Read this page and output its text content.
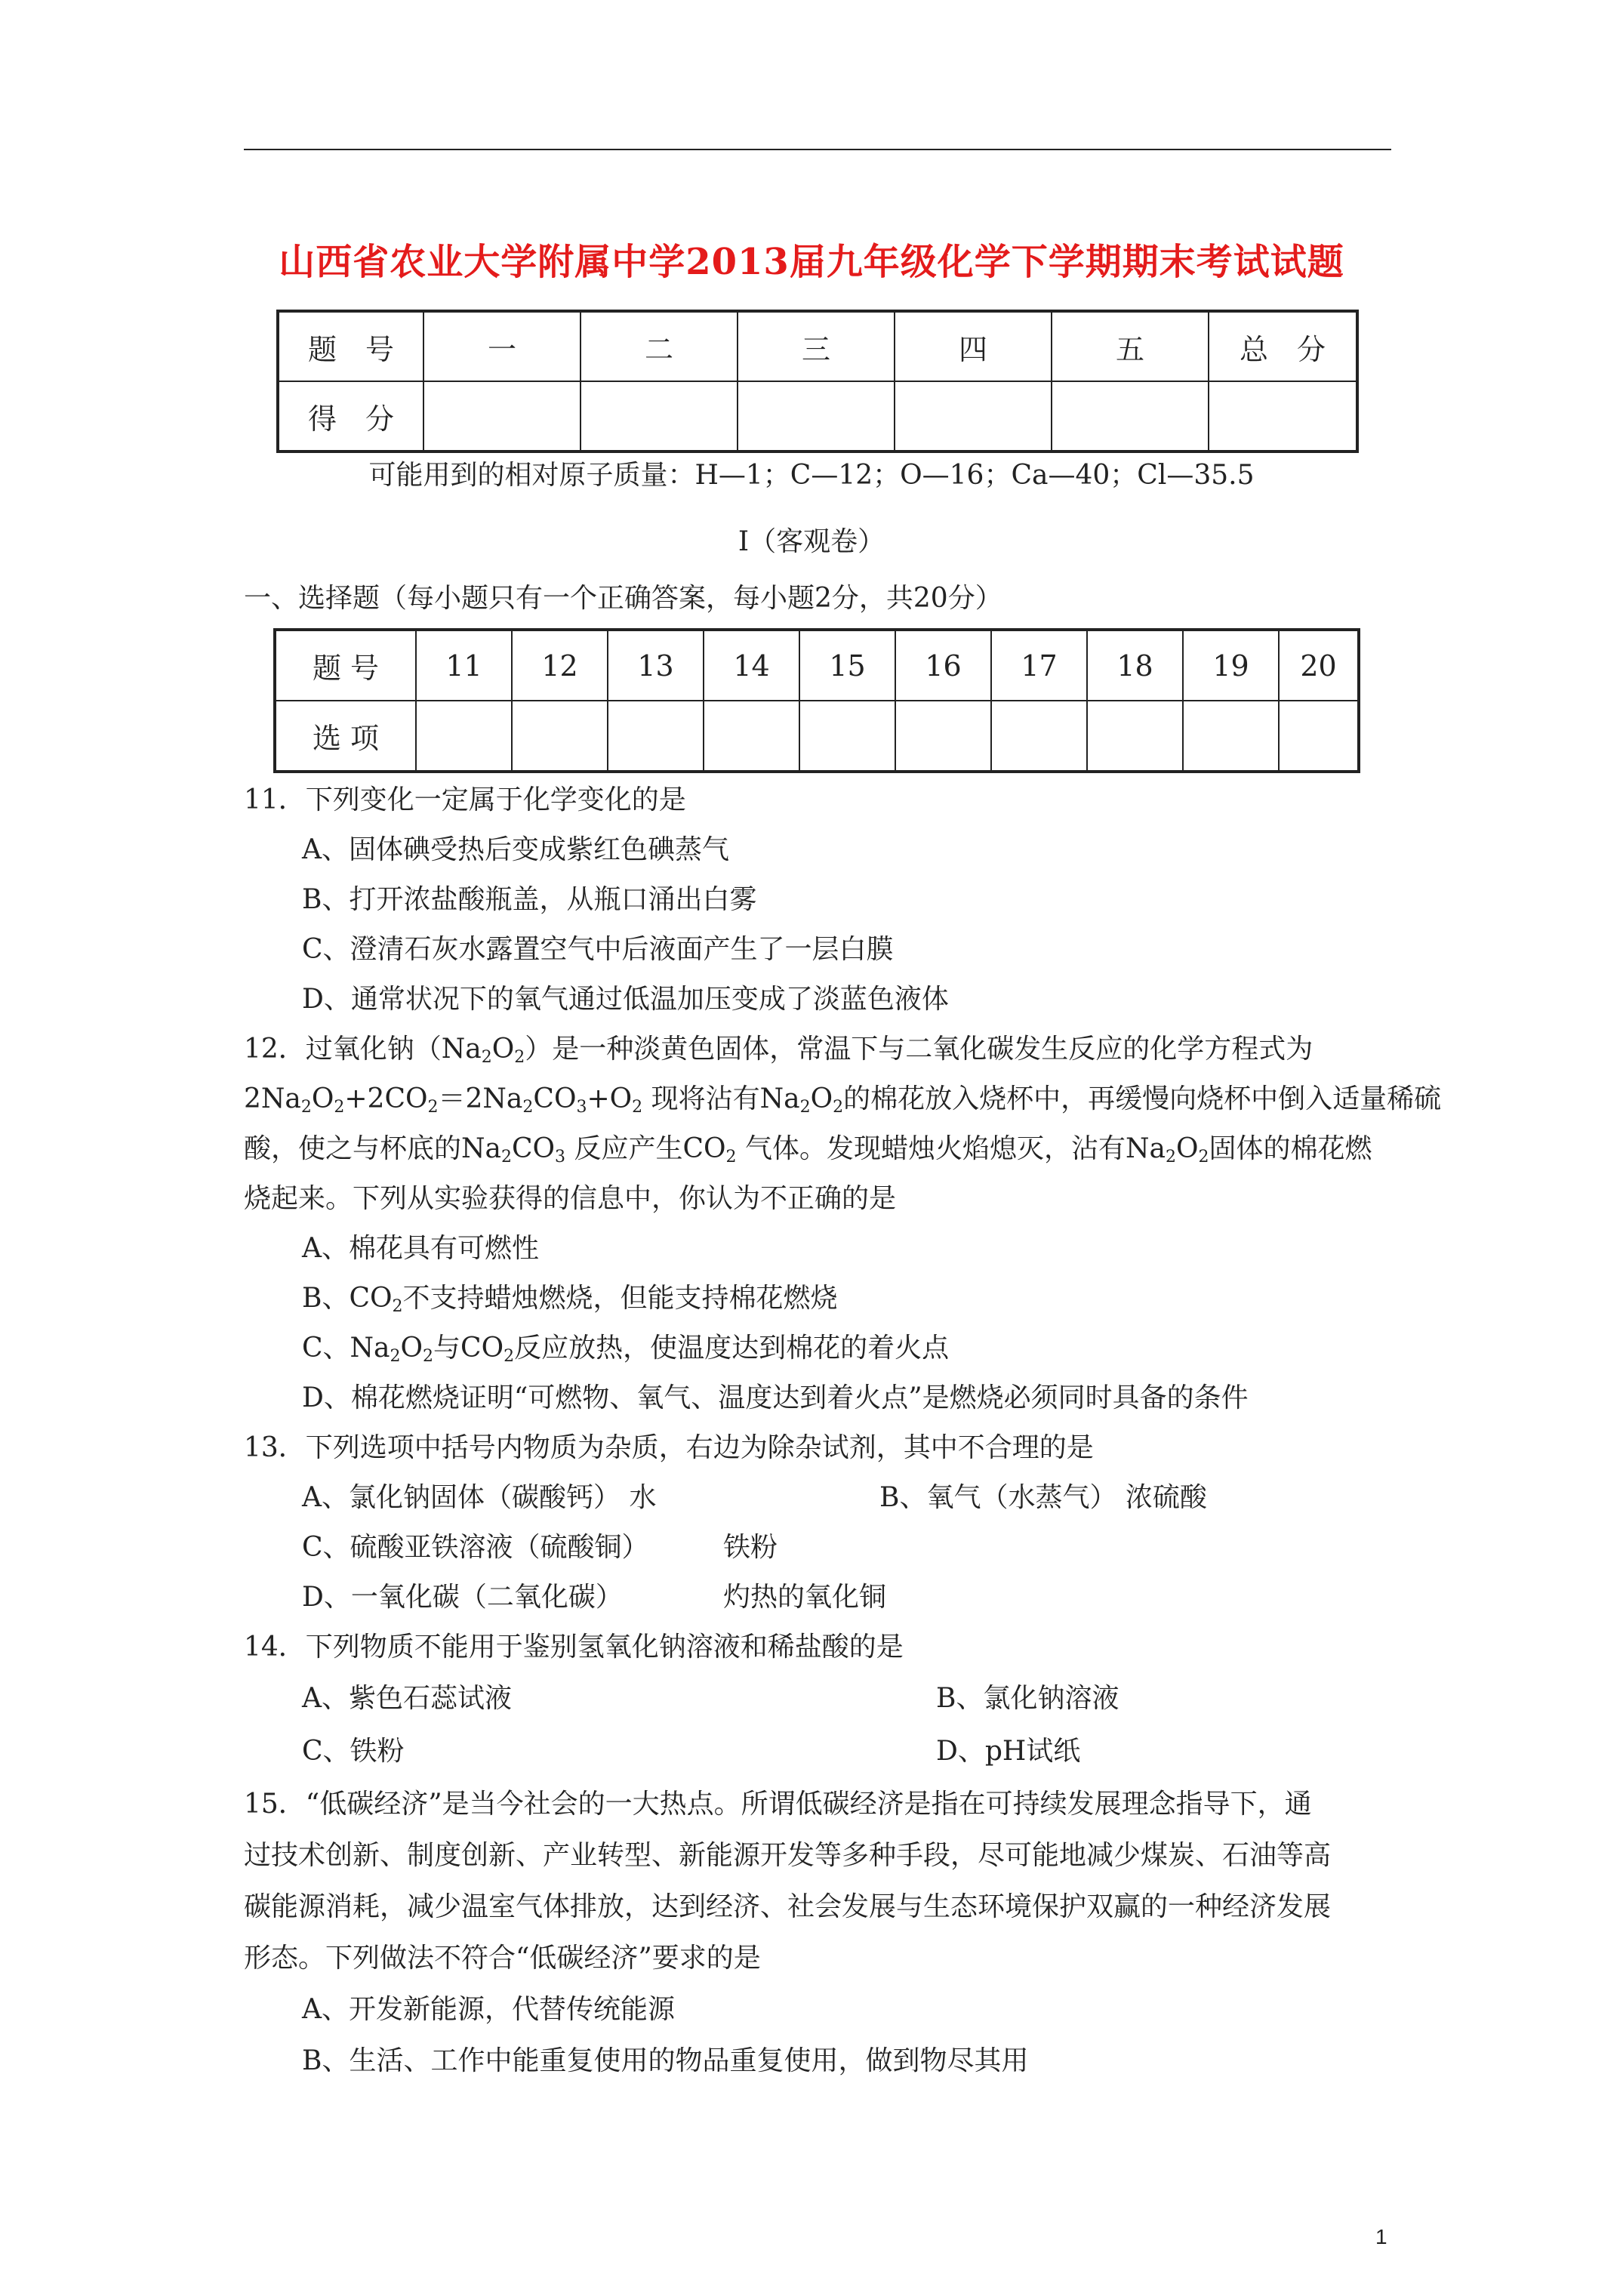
山西省农业大学附属中学2013届九年级化学下学期期末考试试题
题　号	一	二	三	四	五	总　分
得　分						
可能用到的相对原子质量：H—1；C—12；O—16；Ca—40；Cl—35.5
Ⅰ（客观卷）
一、选择题（每小题只有一个正确答案，每小题2分，共20分）
题 号	11	12	13	14	15	16	17	18	19	20
选 项										
11．下列变化一定属于化学变化的是
A、固体碘受热后变成紫红色碘蒸气
B、打开浓盐酸瓶盖，从瓶口涌出白雾
C、澄清石灰水露置空气中后液面产生了一层白膜
D、通常状况下的氧气通过低温加压变成了淡蓝色液体
12．过氧化钠$(Na_2O_2)$是一种淡黄色固体，常温下与二氧化碳发生反应的化学方程式为
$2Na_2O_2+2CO_2=2Na_2CO_3+O_2$ 现将沾有$Na_2O_2$的棉花放入烧杯中，再缓慢向烧杯中倒入适量稀硫
酸，使之与杯底的$Na_2CO_3$ 反应产生$CO_2$ 气体。发现蜡烛火焰熄灭，沾有$Na_2O_2$固体的棉花燃
烧起来。下列从实验获得的信息中，你认为不正确的是
A、棉花具有可燃性
B、$CO_2$不支持蜡烛燃烧，但能支持棉花燃烧
C、$Na_2O_2$与$CO_2$反应放热，使温度达到棉花的着火点
D、棉花燃烧证明“可燃物、氧气、温度达到着火点”是燃烧必须同时具备的条件
13．下列选项中括号内物质为杂质，右边为除杂试剂，其中不合理的是
A、氯化钠固体（碳酸钙） 水	B、氧气（水蒸气） 浓硫酸
C、硫酸亚铁溶液（硫酸铜）	铁粉
D、一氧化碳（二氧化碳）	灼热的氧化铜
14．下列物质不能用于鉴别氢氧化钠溶液和稀盐酸的是
A、紫色石蕊试液	B、氯化钠溶液
C、铁粉	D、pH试纸
15．“低碳经济”是当今社会的一大热点。所谓低碳经济是指在可持续发展理念指导下，通
过技术创新、制度创新、产业转型、新能源开发等多种手段，尽可能地减少煤炭、石油等高
碳能源消耗，减少温室气体排放，达到经济、社会发展与生态环境保护双赢的一种经济发展
形态。下列做法不符合“低碳经济”要求的是
A、开发新能源，代替传统能源
B、生活、工作中能重复使用的物品重复使用，做到物尽其用
1
